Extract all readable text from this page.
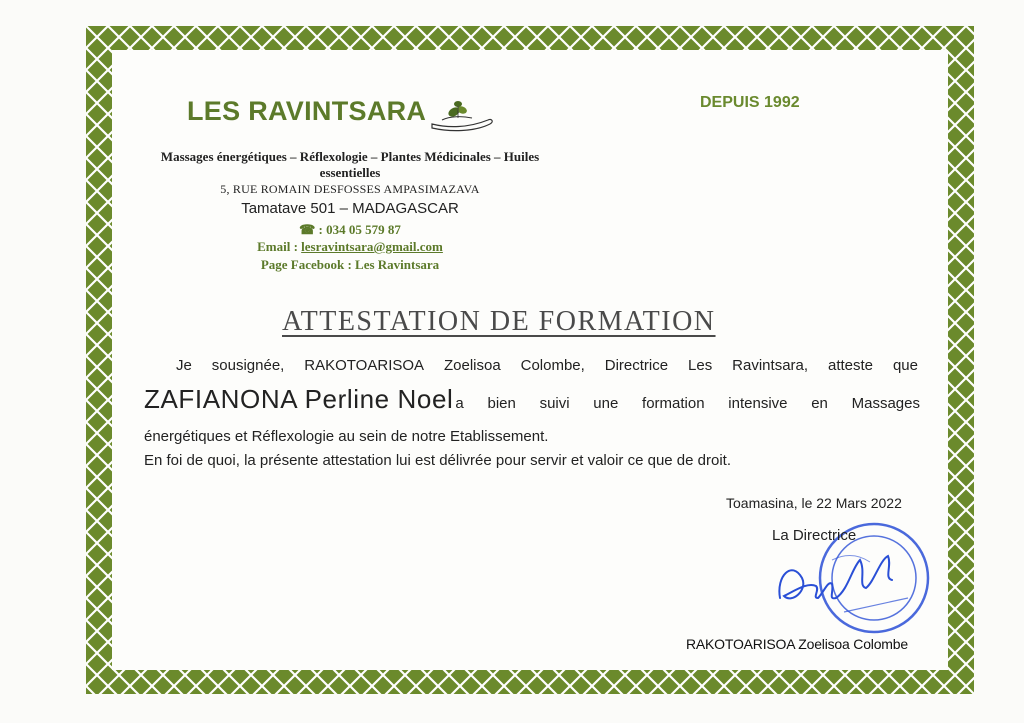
LES RAVINTSARA	DEPUIS 1992
Massages énergétiques – Réflexologie – Plantes Médicinales – Huiles essentielles
5, RUE ROMAIN DESFOSSES AMPASIMAZAVA
Tamatave 501 – MADAGASCAR
☎ : 034 05 579 87
Email : lesravintsara@gmail.com
Page Facebook : Les Ravintsara
ATTESTATION DE FORMATION
Je sousignée, RAKOTOARISOA Zoelisoa Colombe, Directrice Les Ravintsara, atteste que
ZAFIANONA Perline Noel a bien suivi une formation intensive en Massages
énergétiques et Réflexologie au sein de notre Etablissement.
En foi de quoi, la présente attestation lui est délivrée pour servir et valoir ce que de droit.
Toamasina, le 22 Mars 2022
La Directrice
RAKOTOARISOA Zoelisoa Colombe
